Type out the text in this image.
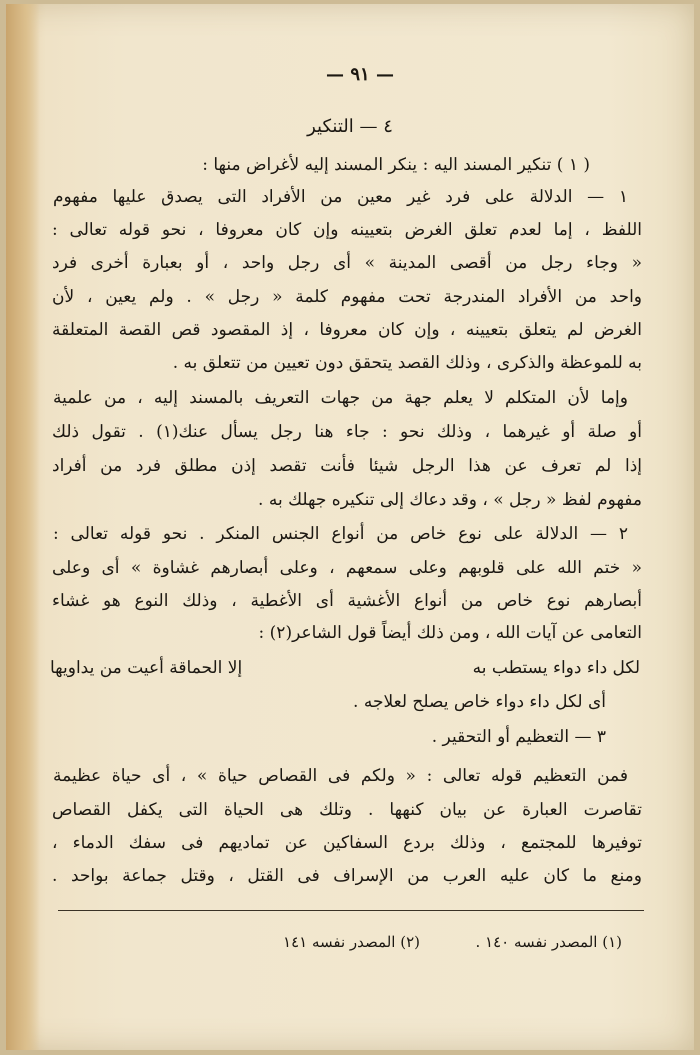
— ٩١ —
٤ — التنكير
( ١ ) تنكير المسند اليه : ينكر المسند إليه لأغراض منها :
١ — الدلالة على فرد غير معين من الأفراد التى يصدق عليها مفهوم
اللفظ ، إما لعدم تعلق الغرض بتعيينه وإن كان معروفا ، نحو قوله تعالى :
« وجاء رجل من أقصى المدينة » أى رجل واحد ، أو بعبارة أخرى فرد
واحد من الأفراد المندرجة تحت مفهوم كلمة « رجل » . ولم يعين ، لأن
الغرض لم يتعلق بتعيينه ، وإن كان معروفا ، إذ المقصود قص القصة المتعلقة
به للموعظة والذكرى ، وذلك القصد يتحقق دون تعيين من تتعلق به .
وإما لأن المتكلم لا يعلم جهة من جهات التعريف بالمسند إليه ، من علمية
أو صلة أو غيرهما ، وذلك نحو : جاء هنا رجل يسأل عنك(١) . تقول ذلك
إذا لم تعرف عن هذا الرجل شيئا فأنت تقصد إذن مطلق فرد من أفراد
مفهوم لفظ « رجل » ، وقد دعاك إلى تنكيره جهلك به .
٢ — الدلالة على نوع خاص من أنواع الجنس المنكر . نحو قوله تعالى :
« ختم الله على قلوبهم وعلى سمعهم ، وعلى أبصارهم غشاوة » أى وعلى
أبصارهم نوع خاص من أنواع الأغشية أى الأغطية ، وذلك النوع هو غشاء
التعامى عن آيات الله ، ومن ذلك أيضاً قول الشاعر(٢) :
لكل داء دواء يستطب به
إلا الحماقة أعيت من يداويها
أى لكل داء دواء خاص يصلح لعلاجه .
٣ — التعظيم أو التحقير .
فمن التعظيم قوله تعالى : « ولكم فى القصاص حياة » ، أى حياة عظيمة
تقاصرت العبارة عن بيان كنهها . وتلك هى الحياة التى يكفل القصاص
توفيرها للمجتمع ، وذلك بردع السفاكين عن تماديهم فى سفك الدماء ،
ومنع ما كان عليه العرب من الإسراف فى القتل ، وقتل جماعة بواحد .
(١) المصدر نفسه ١٤٠ .
(٢) المصدر نفسه ١٤١
